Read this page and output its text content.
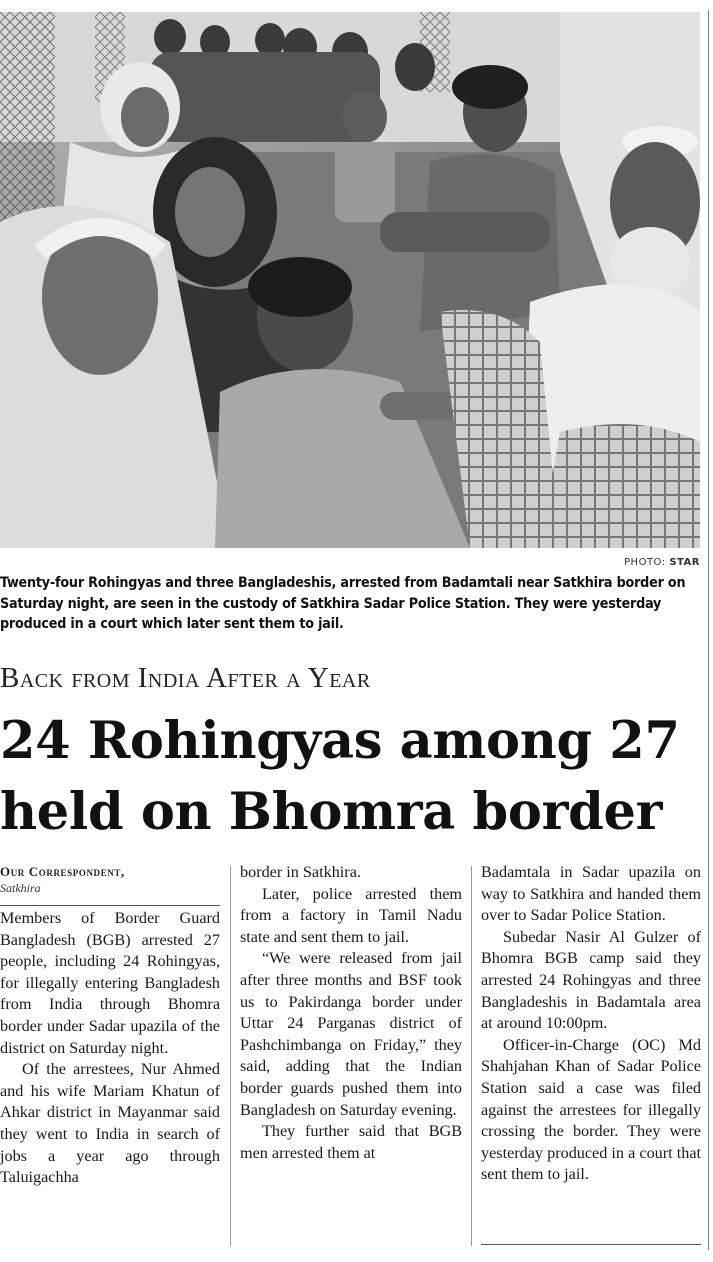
PHOTO: STAR
Twenty-four Rohingyas and three Bangladeshis, arrested from Badamtali near Satkhira border on Saturday night, are seen in the custody of Satkhira Sadar Police Station. They were yesterday produced in a court which later sent them to jail.
Back from India After a Year
24 Rohingyas among 27
held on Bhomra border
Our Correspondent,
Satkhira

Members of Border Guard Bangladesh (BGB) arrested 27 people, including 24 Rohingyas, for illegally entering Bangladesh from India through Bhomra border under Sadar upazila of the district on Saturday night.

Of the arrestees, Nur Ahmed and his wife Mariam Khatun of Ahkar district in Mayanmar said they went to India in search of jobs a year ago through Taluigachha

border in Satkhira.

Later, police arrested them from a factory in Tamil Nadu state and sent them to jail.

“We were released from jail after three months and BSF took us to Pakirdanga border under Uttar 24 Parganas district of Pashchimbanga on Friday,” they said, adding that the Indian border guards pushed them into Bangladesh on Saturday evening.

They further said that BGB men arrested them at

Badamtala in Sadar upazila on way to Satkhira and handed them over to Sadar Police Station.

Subedar Nasir Al Gulzer of Bhomra BGB camp said they arrested 24 Rohingyas and three Bangladeshis in Badamtala area at around 10:00pm.

Officer-in-Charge (OC) Md Shahjahan Khan of Sadar Police Station said a case was filed against the arrestees for illegally crossing the border. They were yesterday produced in a court that sent them to jail.
